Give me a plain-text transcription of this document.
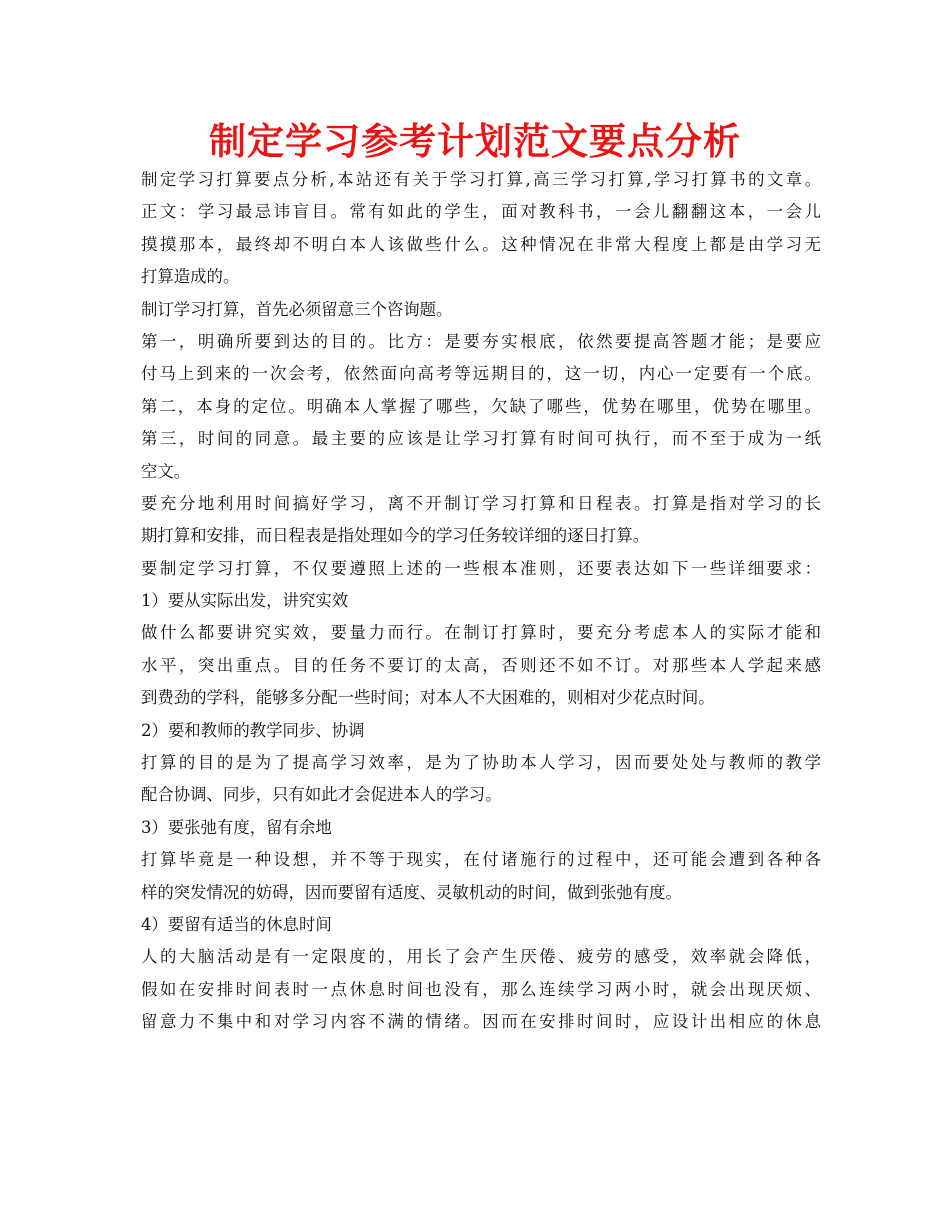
制定学习参考计划范文要点分析
制定学习打算要点分析,本站还有关于学习打算,高三学习打算,学习打算书的文章。
正文：学习最忌讳盲目。常有如此的学生，面对教科书，一会儿翻翻这本，一会儿
摸摸那本，最终却不明白本人该做些什么。这种情况在非常大程度上都是由学习无
打算造成的。
制订学习打算，首先必须留意三个咨询题。
第一，明确所要到达的目的。比方：是要夯实根底，依然要提高答题才能；是要应
付马上到来的一次会考，依然面向高考等远期目的，这一切，内心一定要有一个底。
第二，本身的定位。明确本人掌握了哪些，欠缺了哪些，优势在哪里，优势在哪里。
第三，时间的同意。最主要的应该是让学习打算有时间可执行，而不至于成为一纸
空文。
要充分地利用时间搞好学习，离不开制订学习打算和日程表。打算是指对学习的长
期打算和安排，而日程表是指处理如今的学习任务较详细的逐日打算。
要制定学习打算，不仅要遵照上述的一些根本准则，还要表达如下一些详细要求：
1）要从实际出发，讲究实效
做什么都要讲究实效，要量力而行。在制订打算时，要充分考虑本人的实际才能和
水平，突出重点。目的任务不要订的太高，否则还不如不订。对那些本人学起来感
到费劲的学科，能够多分配一些时间；对本人不大困难的，则相对少花点时间。
2）要和教师的教学同步、协调
打算的目的是为了提高学习效率，是为了协助本人学习，因而要处处与教师的教学
配合协调、同步，只有如此才会促进本人的学习。
3）要张弛有度，留有余地
打算毕竟是一种设想，并不等于现实，在付诸施行的过程中，还可能会遭到各种各
样的突发情况的妨碍，因而要留有适度、灵敏机动的时间，做到张弛有度。
4）要留有适当的休息时间
人的大脑活动是有一定限度的，用长了会产生厌倦、疲劳的感受，效率就会降低，
假如在安排时间表时一点休息时间也没有，那么连续学习两小时，就会出现厌烦、
留意力不集中和对学习内容不满的情绪。因而在安排时间时，应设计出相应的休息
